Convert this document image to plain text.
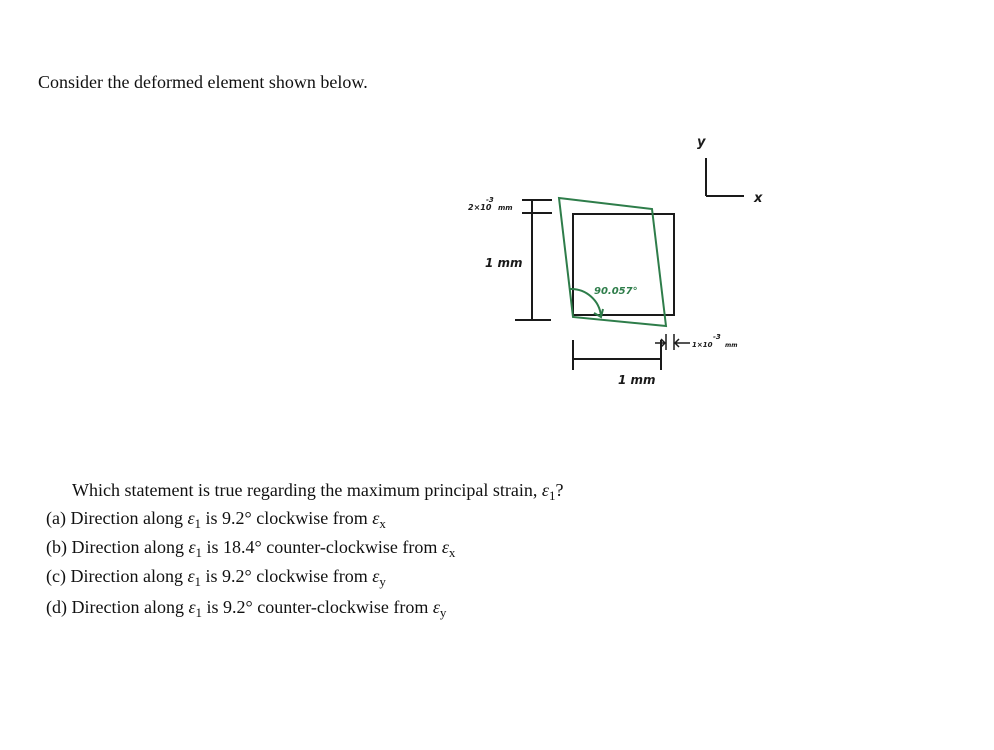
Consider the deformed element shown below.
y
x
90.057°
1 mm
2×10
-3
mm
1 mm
1×10
-3
mm
Which statement is true regarding the maximum principal strain, $\varepsilon_1$?
(a) Direction along $\varepsilon_1$ is 9.2° clockwise from $\varepsilon_x$
(b) Direction along $\varepsilon_1$ is 18.4° counter-clockwise from $\varepsilon_x$
(c) Direction along $\varepsilon_1$ is 9.2° clockwise from $\varepsilon_y$
(d) Direction along $\varepsilon_1$ is 9.2° counter-clockwise from $\varepsilon_y$
